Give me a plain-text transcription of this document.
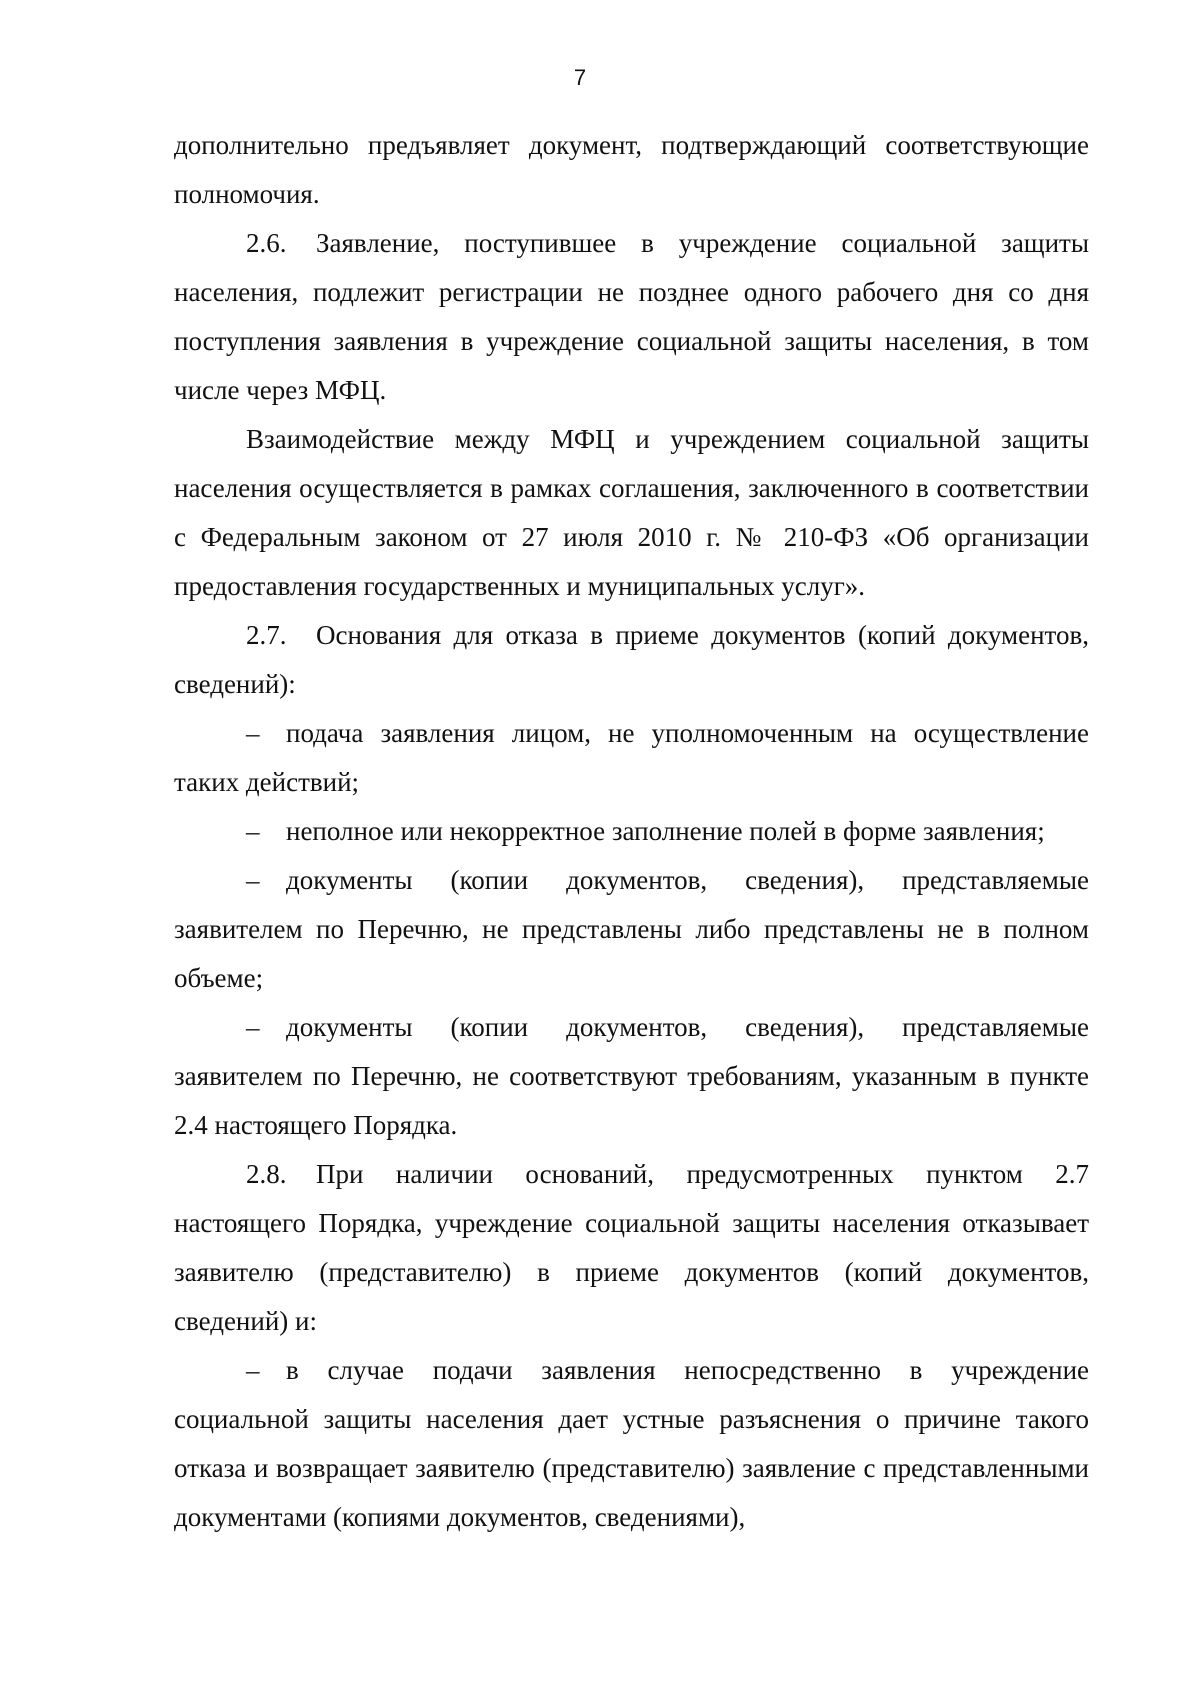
7

дополнительно предъявляет документ, подтверждающий соответствующие полномочия.

2.6. Заявление, поступившее в учреждение социальной защиты населения, подлежит регистрации не позднее одного рабочего дня со дня поступления заявления в учреждение социальной защиты населения, в том числе через МФЦ.

Взаимодействие между МФЦ и учреждением социальной защиты населения осуществляется в рамках соглашения, заключенного в соответствии с Федеральным законом от 27 июля 2010 г. № 210-ФЗ «Об организации предоставления государственных и муниципальных услуг».

2.7. Основания для отказа в приеме документов (копий документов, сведений):

– подача заявления лицом, не уполномоченным на осуществление таких действий;

– неполное или некорректное заполнение полей в форме заявления;

– документы (копии документов, сведения), представляемые заявителем по Перечню, не представлены либо представлены не в полном объеме;

– документы (копии документов, сведения), представляемые заявителем по Перечню, не соответствуют требованиям, указанным в пункте 2.4 настоящего Порядка.

2.8. При наличии оснований, предусмотренных пунктом 2.7 настоящего Порядка, учреждение социальной защиты населения отказывает заявителю (представителю) в приеме документов (копий документов, сведений) и:

– в случае подачи заявления непосредственно в учреждение социальной защиты населения дает устные разъяснения о причине такого отказа и возвращает заявителю (представителю) заявление с представленными документами (копиями документов, сведениями),
